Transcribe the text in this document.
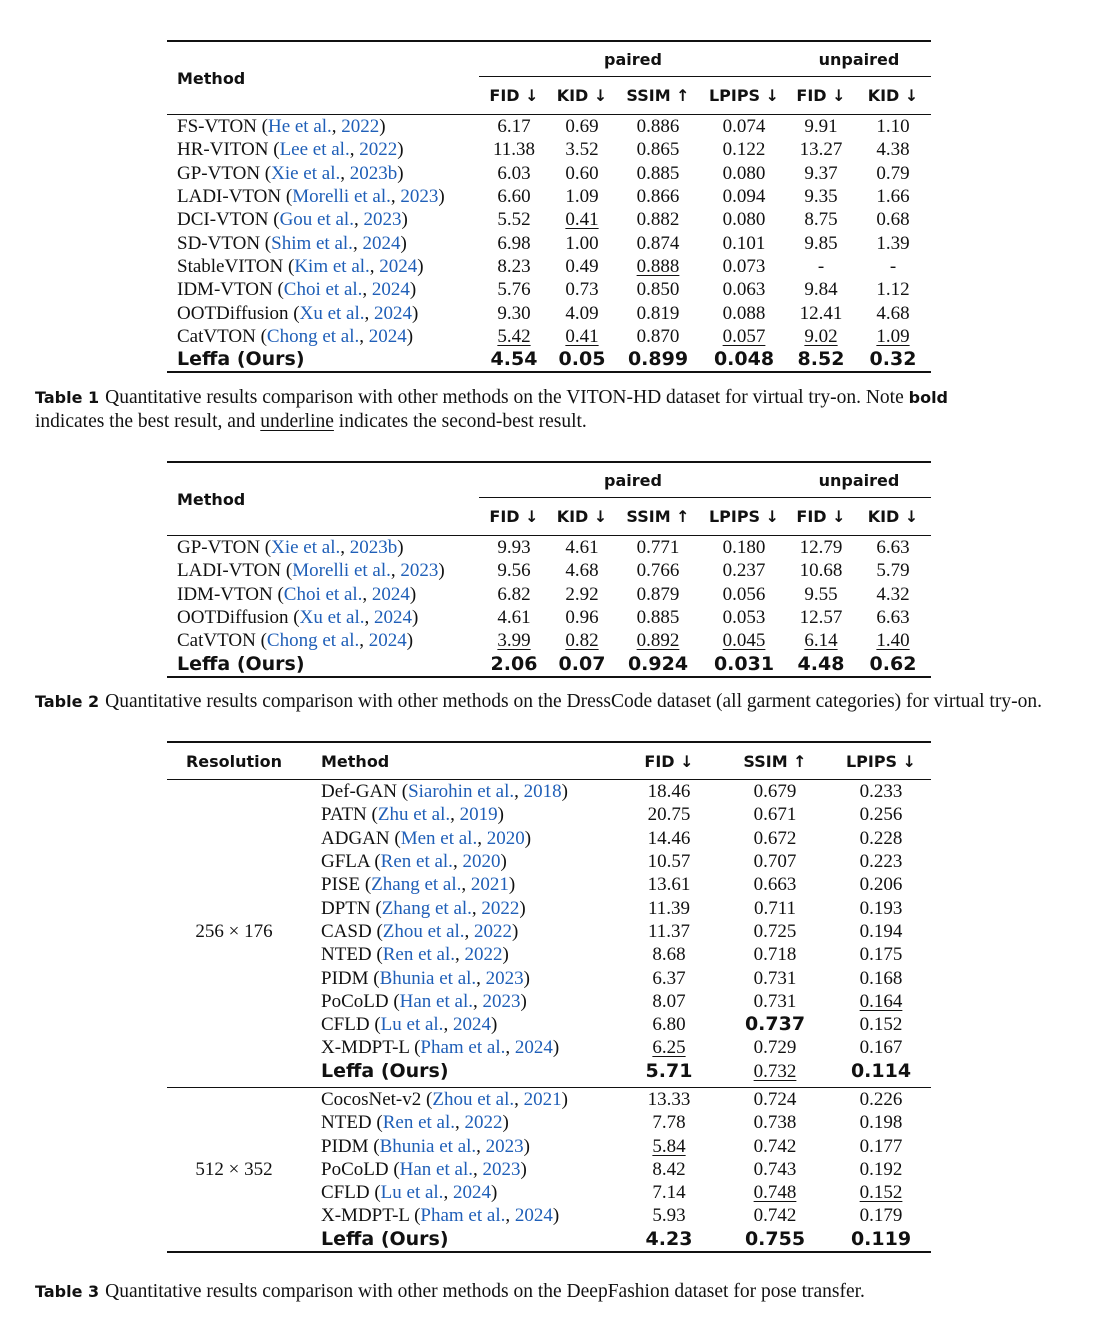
Method	paired				unpaired	
	FID ↓	KID ↓	SSIM ↑	LPIPS ↓	FID ↓	KID ↓

FS-VTON (He et al., 2022)	6.17	0.69	0.886	0.074	9.91	1.10
HR-VITON (Lee et al., 2022)	11.38	3.52	0.865	0.122	13.27	4.38
GP-VTON (Xie et al., 2023b)	6.03	0.60	0.885	0.080	9.37	0.79
LADI-VTON (Morelli et al., 2023)	6.60	1.09	0.866	0.094	9.35	1.66
DCI-VTON (Gou et al., 2023)	5.52	0.41	0.882	0.080	8.75	0.68
SD-VTON (Shim et al., 2024)	6.98	1.00	0.874	0.101	9.85	1.39
StableVITON (Kim et al., 2024)	8.23	0.49	0.888	0.073	-	-
IDM-VTON (Choi et al., 2024)	5.76	0.73	0.850	0.063	9.84	1.12
OOTDiffusion (Xu et al., 2024)	9.30	4.09	0.819	0.088	12.41	4.68
CatVTON (Chong et al., 2024)	5.42	0.41	0.870	0.057	9.02	1.09
Leffa (Ours)	4.54	0.05	0.899	0.048	8.52	0.32
Table 1 Quantitative results comparison with other methods on the VITON-HD dataset for virtual try-on. Note bold
indicates the best result, and underline indicates the second-best result.
Method	paired				unpaired	
	FID ↓	KID ↓	SSIM ↑	LPIPS ↓	FID ↓	KID ↓

GP-VTON (Xie et al., 2023b)	9.93	4.61	0.771	0.180	12.79	6.63
LADI-VTON (Morelli et al., 2023)	9.56	4.68	0.766	0.237	10.68	5.79
IDM-VTON (Choi et al., 2024)	6.82	2.92	0.879	0.056	9.55	4.32
OOTDiffusion (Xu et al., 2024)	4.61	0.96	0.885	0.053	12.57	6.63
CatVTON (Chong et al., 2024)	3.99	0.82	0.892	0.045	6.14	1.40
Leffa (Ours)	2.06	0.07	0.924	0.031	4.48	0.62
Table 2 Quantitative results comparison with other methods on the DressCode dataset (all garment categories) for virtual try-on.
Resolution	Method	FID ↓	SSIM ↑	LPIPS ↓

256 × 176	Def-GAN (Siarohin et al., 2018)	18.46	0.679	0.233
	PATN (Zhu et al., 2019)	20.75	0.671	0.256
	ADGAN (Men et al., 2020)	14.46	0.672	0.228
	GFLA (Ren et al., 2020)	10.57	0.707	0.223
	PISE (Zhang et al., 2021)	13.61	0.663	0.206
	DPTN (Zhang et al., 2022)	11.39	0.711	0.193
	CASD (Zhou et al., 2022)	11.37	0.725	0.194
	NTED (Ren et al., 2022)	8.68	0.718	0.175
	PIDM (Bhunia et al., 2023)	6.37	0.731	0.168
	PoCoLD (Han et al., 2023)	8.07	0.731	0.164
	CFLD (Lu et al., 2024)	6.80	0.737	0.152
	X-MDPT-L (Pham et al., 2024)	6.25	0.729	0.167
	Leffa (Ours)	5.71	0.732	0.114

512 × 352	CocosNet-v2 (Zhou et al., 2021)	13.33	0.724	0.226
	NTED (Ren et al., 2022)	7.78	0.738	0.198
	PIDM (Bhunia et al., 2023)	5.84	0.742	0.177
	PoCoLD (Han et al., 2023)	8.42	0.743	0.192
	CFLD (Lu et al., 2024)	7.14	0.748	0.152
	X-MDPT-L (Pham et al., 2024)	5.93	0.742	0.179
	Leffa (Ours)	4.23	0.755	0.119
Table 3 Quantitative results comparison with other methods on the DeepFashion dataset for pose transfer.
